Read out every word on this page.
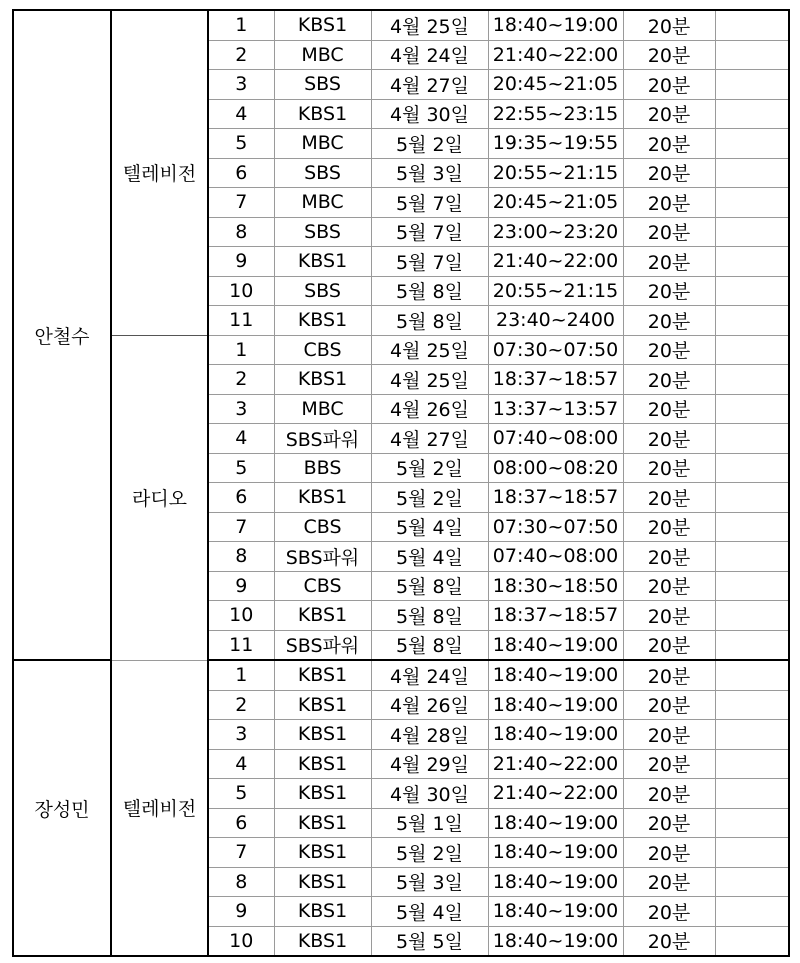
안철수	텔레비전	1	KBS1	4월 25일	18:40~19:00	20분	
		2	MBC	4월 24일	21:40~22:00	20분	
		3	SBS	4월 27일	20:45~21:05	20분	
		4	KBS1	4월 30일	22:55~23:15	20분	
		5	MBC	5월 2일	19:35~19:55	20분	
		6	SBS	5월 3일	20:55~21:15	20분	
		7	MBC	5월 7일	20:45~21:05	20분	
		8	SBS	5월 7일	23:00~23:20	20분	
		9	KBS1	5월 7일	21:40~22:00	20분	
		10	SBS	5월 8일	20:55~21:15	20분	
		11	KBS1	5월 8일	23:40~2400	20분	
	라디오	1	CBS	4월 25일	07:30~07:50	20분	
		2	KBS1	4월 25일	18:37~18:57	20분	
		3	MBC	4월 26일	13:37~13:57	20분	
		4	SBS파워	4월 27일	07:40~08:00	20분	
		5	BBS	5월 2일	08:00~08:20	20분	
		6	KBS1	5월 2일	18:37~18:57	20분	
		7	CBS	5월 4일	07:30~07:50	20분	
		8	SBS파워	5월 4일	07:40~08:00	20분	
		9	CBS	5월 8일	18:30~18:50	20분	
		10	KBS1	5월 8일	18:37~18:57	20분	
		11	SBS파워	5월 8일	18:40~19:00	20분	
장성민	텔레비전	1	KBS1	4월 24일	18:40~19:00	20분	
		2	KBS1	4월 26일	18:40~19:00	20분	
		3	KBS1	4월 28일	18:40~19:00	20분	
		4	KBS1	4월 29일	21:40~22:00	20분	
		5	KBS1	4월 30일	21:40~22:00	20분	
		6	KBS1	5월 1일	18:40~19:00	20분	
		7	KBS1	5월 2일	18:40~19:00	20분	
		8	KBS1	5월 3일	18:40~19:00	20분	
		9	KBS1	5월 4일	18:40~19:00	20분	
		10	KBS1	5월 5일	18:40~19:00	20분	
